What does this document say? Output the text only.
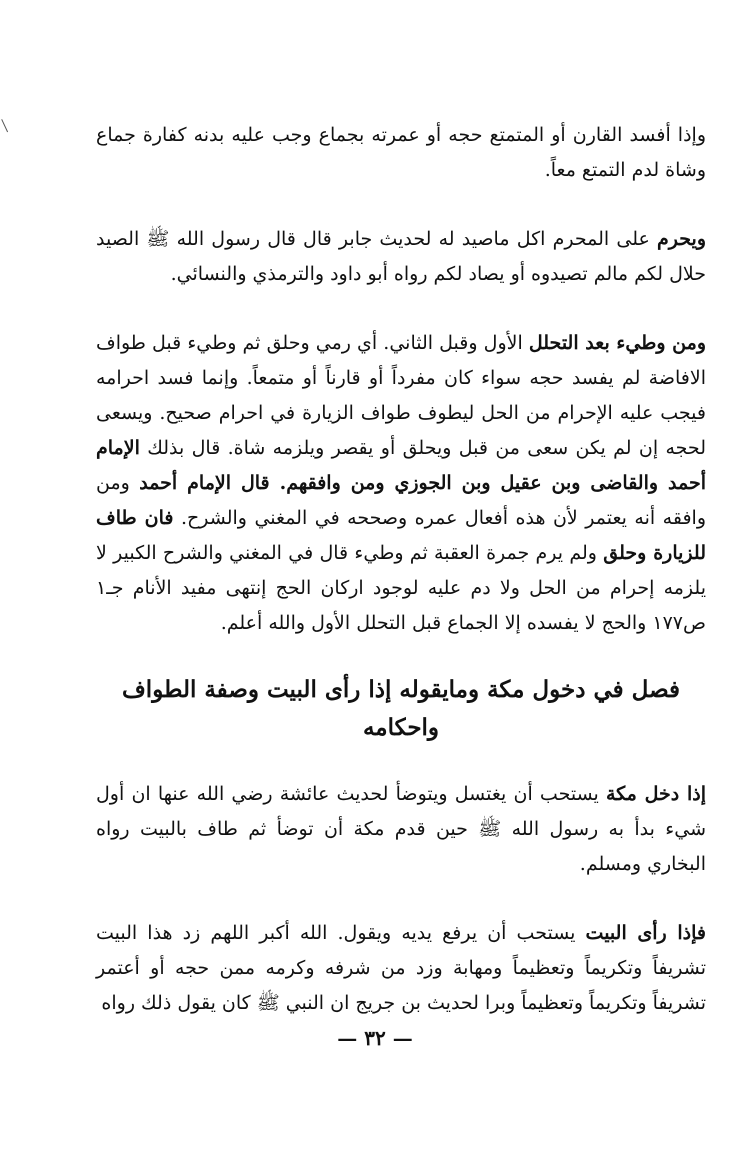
وإذا أفسد القارن أو المتمتع حجه أو عمرته بجماع وجب عليه بدنه كفارة جماع وشاة لدم التمتع معاً.

ويحرم على المحرم اكل ماصيد له لحديث جابر قال قال رسول الله ﷺ الصيد حلال لكم مالم تصيدوه أو يصاد لكم رواه أبو داود والترمذي والنسائي.

ومن وطيء بعد التحلل الأول وقبل الثاني. أي رمي وحلق ثم وطيء قبل طواف الافاضة لم يفسد حجه سواء كان مفرداً أو قارناً أو متمعاً. وإنما فسد احرامه فيجب عليه الإحرام من الحل ليطوف طواف الزيارة في احرام صحيح. ويسعى لحجه إن لم يكن سعى من قبل ويحلق أو يقصر ويلزمه شاة. قال بذلك الإمام أحمد والقاضى وبن عقيل وبن الجوزي ومن وافقهم. قال الإمام أحمد ومن وافقه أنه يعتمر لأن هذه أفعال عمره وصححه في المغني والشرح. فان طاف للزيارة وحلق ولم يرم جمرة العقبة ثم وطيء قال في المغني والشرح الكبير لا يلزمه إحرام من الحل ولا دم عليه لوجود اركان الحج إنتهى مفيد الأنام جـ١ ص١٧٧ والحج لا يفسده إلا الجماع قبل التحلل الأول والله أعلم.

فصل في دخول مكة ومايقوله إذا رأى البيت وصفة الطواف واحكامه

إذا دخل مكة يستحب أن يغتسل ويتوضأ لحديث عائشة رضي الله عنها ان أول شيء بدأ به رسول الله ﷺ حين قدم مكة أن توضأ ثم طاف بالبيت رواه البخاري ومسلم.

فإذا رأى البيت يستحب أن يرفع يديه ويقول. الله أكبر اللهم زد هذا البيت تشريفاً وتكريماً وتعظيماً ومهابة وزد من شرفه وكرمه ممن حجه أو أعتمر تشريفاً وتكريماً وتعظيماً وبرا لحديث بن جريج ان النبي ﷺ كان يقول ذلك رواه

— ٣٢ —
